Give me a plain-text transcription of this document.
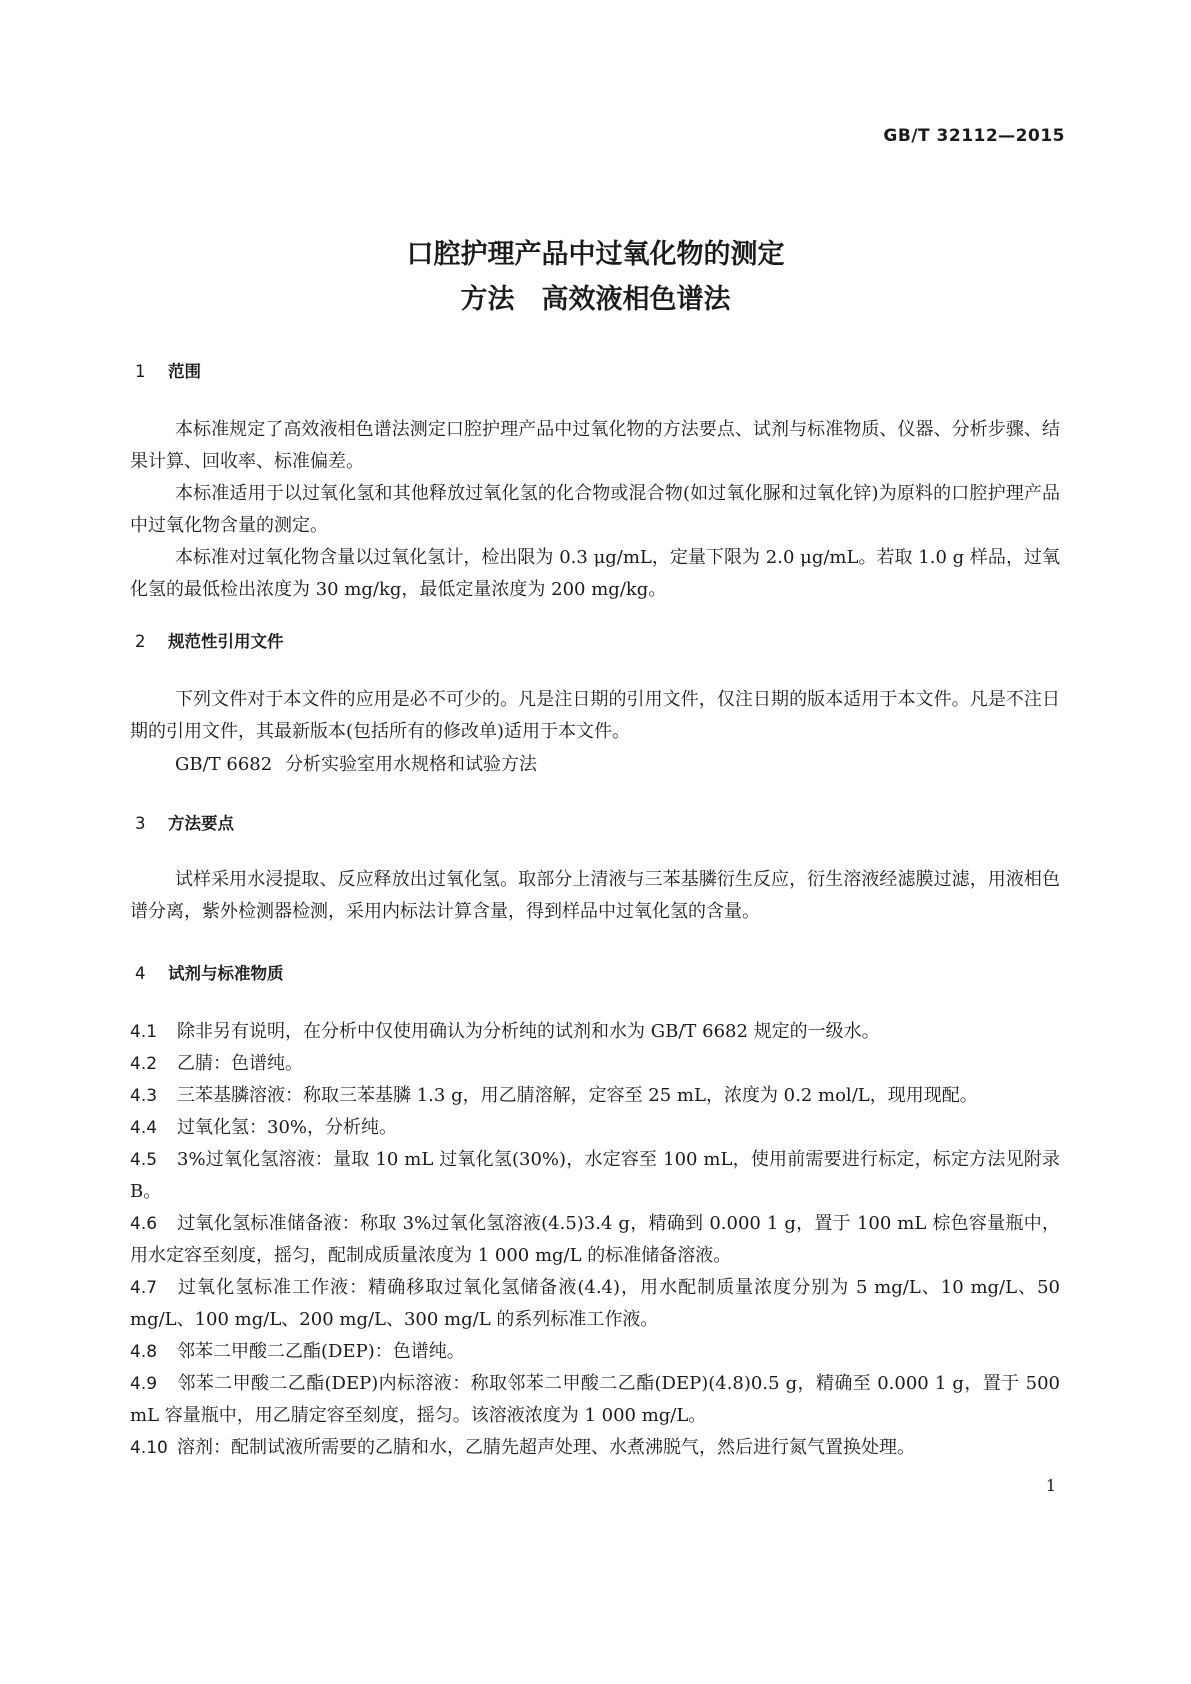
GB/T 32112—2015
口腔护理产品中过氧化物的测定
方法　高效液相色谱法
1 范围
本标准规定了高效液相色谱法测定口腔护理产品中过氧化物的方法要点、试剂与标准物质、仪器、分析步骤、结果计算、回收率、标准偏差。
本标准适用于以过氧化氢和其他释放过氧化氢的化合物或混合物(如过氧化脲和过氧化锌)为原料的口腔护理产品中过氧化物含量的测定。
本标准对过氧化物含量以过氧化氢计，检出限为 0.3 μg/mL，定量下限为 2.0 μg/mL。若取 1.0 g 样品，过氧化氢的最低检出浓度为 30 mg/kg，最低定量浓度为 200 mg/kg。
2 规范性引用文件
下列文件对于本文件的应用是必不可少的。凡是注日期的引用文件，仅注日期的版本适用于本文件。凡是不注日期的引用文件，其最新版本(包括所有的修改单)适用于本文件。
GB/T 6682 分析实验室用水规格和试验方法
3 方法要点
试样采用水浸提取、反应释放出过氧化氢。取部分上清液与三苯基膦衍生反应，衍生溶液经滤膜过滤，用液相色谱分离，紫外检测器检测，采用内标法计算含量，得到样品中过氧化氢的含量。
4 试剂与标准物质
4.1 除非另有说明，在分析中仅使用确认为分析纯的试剂和水为 GB/T 6682 规定的一级水。
4.2 乙腈：色谱纯。
4.3 三苯基膦溶液：称取三苯基膦 1.3 g，用乙腈溶解，定容至 25 mL，浓度为 0.2 mol/L，现用现配。
4.4 过氧化氢：30%，分析纯。
4.5 3%过氧化氢溶液：量取 10 mL 过氧化氢(30%)，水定容至 100 mL，使用前需要进行标定，标定方法见附录 B。
4.6 过氧化氢标准储备液：称取 3%过氧化氢溶液(4.5)3.4 g，精确到 0.000 1 g，置于 100 mL 棕色容量瓶中，用水定容至刻度，摇匀，配制成质量浓度为 1 000 mg/L 的标准储备溶液。
4.7 过氧化氢标准工作液：精确移取过氧化氢储备液(4.4)，用水配制质量浓度分别为 5 mg/L、10 mg/L、50 mg/L、100 mg/L、200 mg/L、300 mg/L 的系列标准工作液。
4.8 邻苯二甲酸二乙酯(DEP)：色谱纯。
4.9 邻苯二甲酸二乙酯(DEP)内标溶液：称取邻苯二甲酸二乙酯(DEP)(4.8)0.5 g，精确至 0.000 1 g，置于 500 mL 容量瓶中，用乙腈定容至刻度，摇匀。该溶液浓度为 1 000 mg/L。
4.10 溶剂：配制试液所需要的乙腈和水，乙腈先超声处理、水煮沸脱气，然后进行氮气置换处理。
1
